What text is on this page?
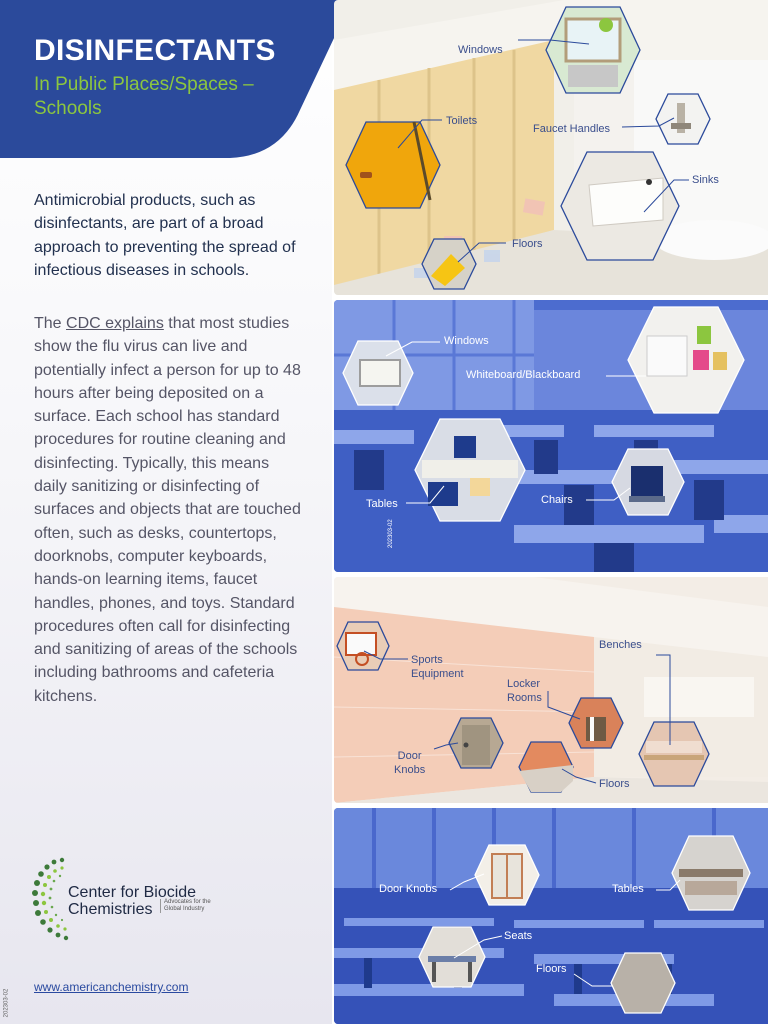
DISINFECTANTS

In Public Places/Spaces – Schools

Antimicrobial products, such as disinfectants, are part of a broad approach to preventing the spread of infectious diseases in schools.
The CDC explains that most studies show the flu virus can live and potentially infect a person for up to 48 hours after being deposited on a surface. Each school has standard procedures for routine cleaning and disinfecting. Typically, this means daily sanitizing or disinfecting of surfaces and objects that are touched often, such as desks, countertops, doorknobs, computer keyboards, hands-on learning items, faucet handles, phones, and toys. Standard procedures often call for disinfecting and sanitizing of areas of the schools including bathrooms and cafeteria kitchens.
Center for Biocide
Chemistries	Advocates for the Global Industry
www.americanchemistry.com
202303-02
Windows
Toilets
Faucet Handles
Sinks
Floors
Windows
Whiteboard/Blackboard
Tables	Chairs
202303-02
Sports
Equipment
Benches
Locker
Rooms
Door
Knobs
Floors
Door Knobs	Tables
Seats
Floors
